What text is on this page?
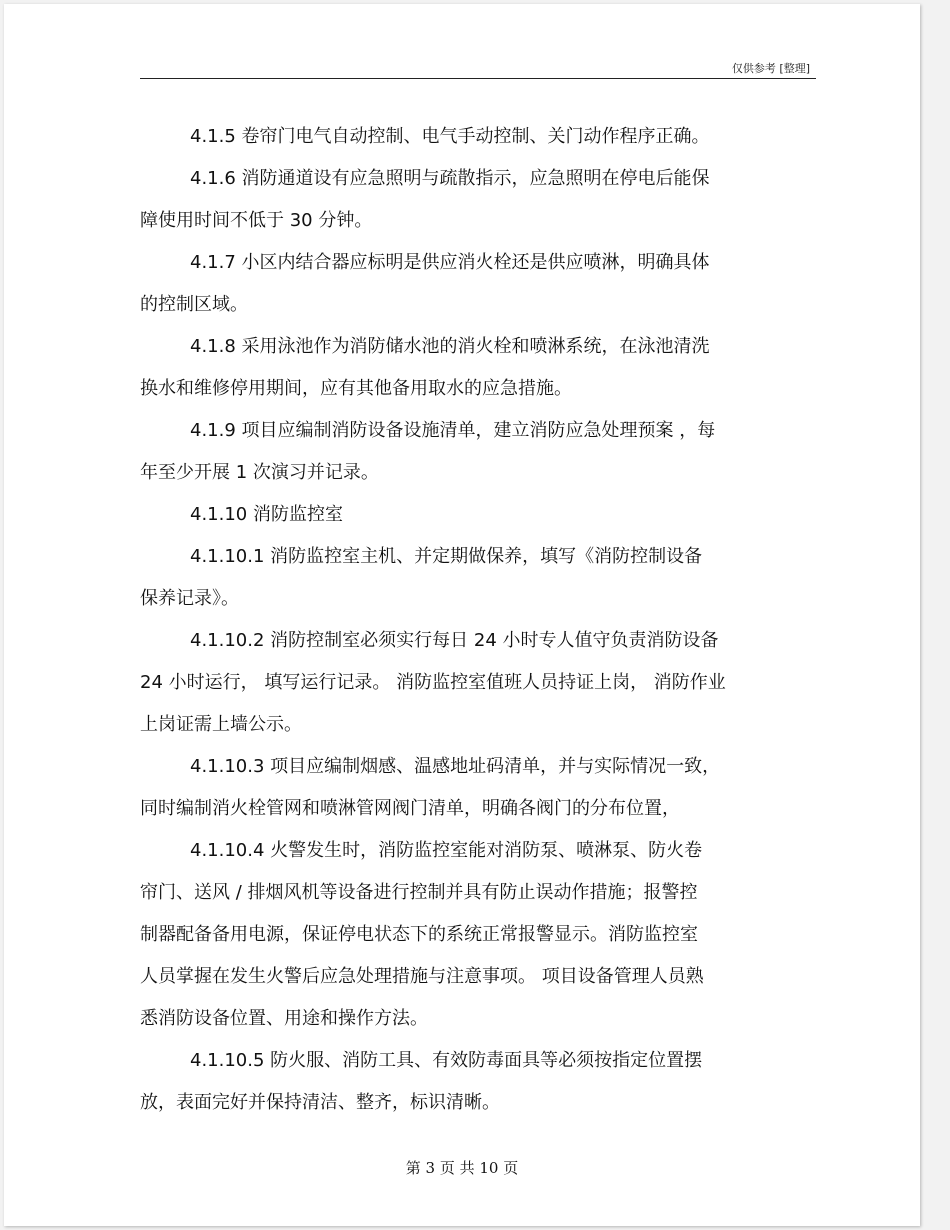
仅供参考 [整理]

4.1.5 卷帘门电气自动控制、电气手动控制、关门动作程序正确。

4.1.6 消防通道设有应急照明与疏散指示，应急照明在停电后能保

障使用时间不低于 30 分钟。

4.1.7 小区内结合器应标明是供应消火栓还是供应喷淋，明确具体

的控制区域。

4.1.8 采用泳池作为消防储水池的消火栓和喷淋系统，在泳池清洗

换水和维修停用期间，应有其他备用取水的应急措施。

4.1.9 项目应编制消防设备设施清单，建立消防应急处理预案 ，每

年至少开展 1 次演习并记录。

4.1.10 消防监控室

4.1.10.1 消防监控室主机、并定期做保养，填写《消防控制设备

保养记录》。

4.1.10.2 消防控制室必须实行每日 24 小时专人值守负责消防设备

24 小时运行， 填写运行记录。 消防监控室值班人员持证上岗， 消防作业

上岗证需上墙公示。

4.1.10.3 项目应编制烟感、温感地址码清单，并与实际情况一致，

同时编制消火栓管网和喷淋管网阀门清单，明确各阀门的分布位置，

4.1.10.4 火警发生时，消防监控室能对消防泵、喷淋泵、防火卷

帘门、送风 / 排烟风机等设备进行控制并具有防止误动作措施；报警控

制器配备备用电源，保证停电状态下的系统正常报警显示。消防监控室

人员掌握在发生火警后应急处理措施与注意事项。 项目设备管理人员熟

悉消防设备位置、用途和操作方法。

4.1.10.5 防火服、消防工具、有效防毒面具等必须按指定位置摆

放，表面完好并保持清洁、整齐，标识清晰。

第 3 页 共 10 页
